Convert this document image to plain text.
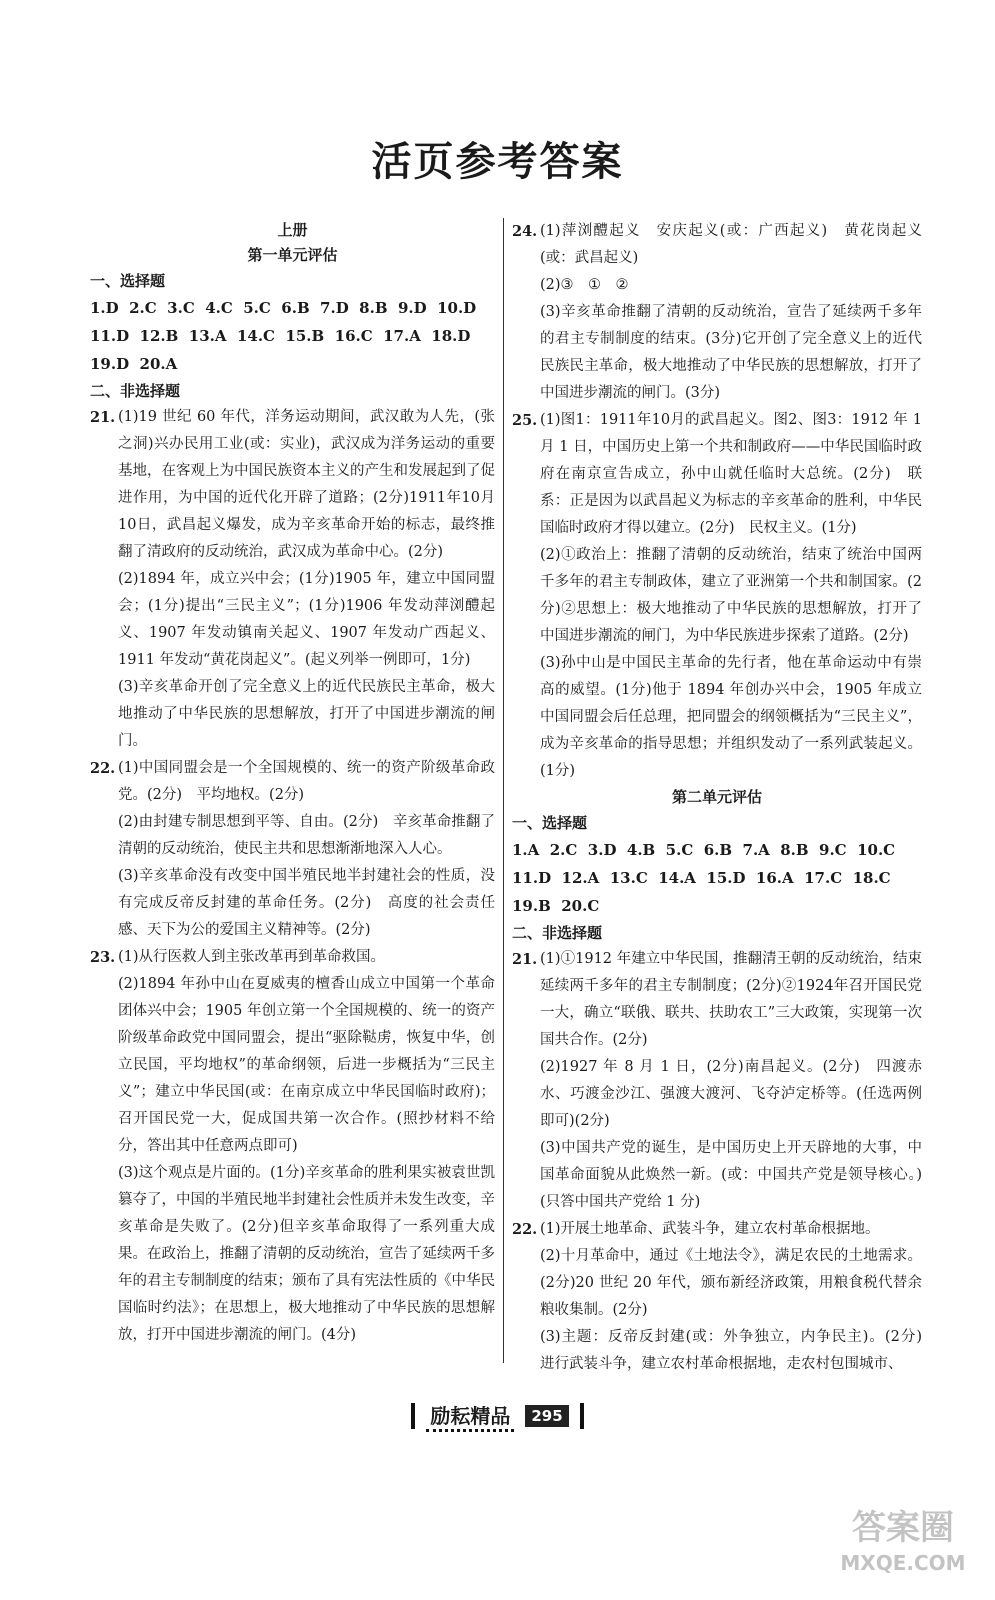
活页参考答案
上册
第一单元评估
一、选择题
1.D  2.C  3.C  4.C  5.C  6.B  7.D  8.B  9.D  10.D
11.D  12.B  13.A  14.C  15.B  16.C  17.A  18.D
19.D  20.A
二、非选择题
21. (1)19 世纪 60 年代，洋务运动期间，武汉敢为人先，(张之洞)兴办民用工业(或：实业)，武汉成为洋务运动的重要基地，在客观上为中国民族资本主义的产生和发展起到了促进作用，为中国的近代化开辟了道路；(2分)1911年10月10日，武昌起义爆发，成为辛亥革命开始的标志，最终推翻了清政府的反动统治，武汉成为革命中心。(2分)
(2)1894 年，成立兴中会；(1分)1905 年，建立中国同盟会；(1分)提出“三民主义”；(1分)1906 年发动萍浏醴起义、1907 年发动镇南关起义、1907 年发动广西起义、1911 年发动“黄花岗起义”。(起义列举一例即可，1分)
(3)辛亥革命开创了完全意义上的近代民族民主革命，极大地推动了中华民族的思想解放，打开了中国进步潮流的闸门。
22. (1)中国同盟会是一个全国规模的、统一的资产阶级革命政党。(2分)　平均地权。(2分)
(2)由封建专制思想到平等、自由。(2分)　辛亥革命推翻了清朝的反动统治，使民主共和思想渐渐地深入人心。
(3)辛亥革命没有改变中国半殖民地半封建社会的性质，没有完成反帝反封建的革命任务。(2分)　高度的社会责任感、天下为公的爱国主义精神等。(2分)
23. (1)从行医救人到主张改革再到革命救国。
(2)1894 年孙中山在夏威夷的檀香山成立中国第一个革命团体兴中会；1905 年创立第一个全国规模的、统一的资产阶级革命政党中国同盟会，提出“驱除鞑虏，恢复中华，创立民国，平均地权”的革命纲领，后进一步概括为“三民主义”；建立中华民国(或：在南京成立中华民国临时政府)；召开国民党一大，促成国共第一次合作。(照抄材料不给分，答出其中任意两点即可)
(3)这个观点是片面的。(1分)辛亥革命的胜利果实被袁世凯篡夺了，中国的半殖民地半封建社会性质并未发生改变，辛亥革命是失败了。(2分)但辛亥革命取得了一系列重大成果。在政治上，推翻了清朝的反动统治，宣告了延续两千多年的君主专制制度的结束；颁布了具有宪法性质的《中华民国临时约法》；在思想上，极大地推动了中华民族的思想解放，打开中国进步潮流的闸门。(4分)
24. (1)萍浏醴起义　安庆起义(或：广西起义)　黄花岗起义(或：武昌起义)
(2)③　①　②
(3)辛亥革命推翻了清朝的反动统治，宣告了延续两千多年的君主专制制度的结束。(3分)它开创了完全意义上的近代民族民主革命，极大地推动了中华民族的思想解放，打开了中国进步潮流的闸门。(3分)
25. (1)图1：1911年10月的武昌起义。图2、图3：1912 年 1 月 1 日，中国历史上第一个共和制政府——中华民国临时政府在南京宣告成立，孙中山就任临时大总统。(2分)　联系：正是因为以武昌起义为标志的辛亥革命的胜利，中华民国临时政府才得以建立。(2分)　民权主义。(1分)
(2)①政治上：推翻了清朝的反动统治，结束了统治中国两千多年的君主专制政体，建立了亚洲第一个共和制国家。(2分)②思想上：极大地推动了中华民族的思想解放，打开了中国进步潮流的闸门，为中华民族进步探索了道路。(2分)
(3)孙中山是中国民主革命的先行者，他在革命运动中有崇高的威望。(1分)他于 1894 年创办兴中会，1905 年成立中国同盟会后任总理，把同盟会的纲领概括为“三民主义”，成为辛亥革命的指导思想；并组织发动了一系列武装起义。(1分)
第二单元评估
一、选择题
1.A  2.C  3.D  4.B  5.C  6.B  7.A  8.B  9.C  10.C
11.D  12.A  13.C  14.A  15.D  16.A  17.C  18.C
19.B  20.C
二、非选择题
21. (1)①1912 年建立中华民国，推翻清王朝的反动统治，结束延续两千多年的君主专制制度；(2分)②1924年召开国民党一大，确立“联俄、联共、扶助农工”三大政策，实现第一次国共合作。(2分)
(2)1927 年 8 月 1 日，(2分)南昌起义。(2分)　四渡赤水、巧渡金沙江、强渡大渡河、飞夺泸定桥等。(任选两例即可)(2分)
(3)中国共产党的诞生，是中国历史上开天辟地的大事，中国革命面貌从此焕然一新。(或：中国共产党是领导核心。)(只答中国共产党给 1 分)
22. (1)开展土地革命、武装斗争，建立农村革命根据地。
(2)十月革命中，通过《土地法令》，满足农民的土地需求。(2分)20 世纪 20 年代，颁布新经济政策，用粮食税代替余粮收集制。(2分)
(3)主题：反帝反封建(或：外争独立，内争民主)。(2分)　进行武装斗争，建立农村革命根据地，走农村包围城市、
励耘精品 295
答案圈
MXQE.COM
